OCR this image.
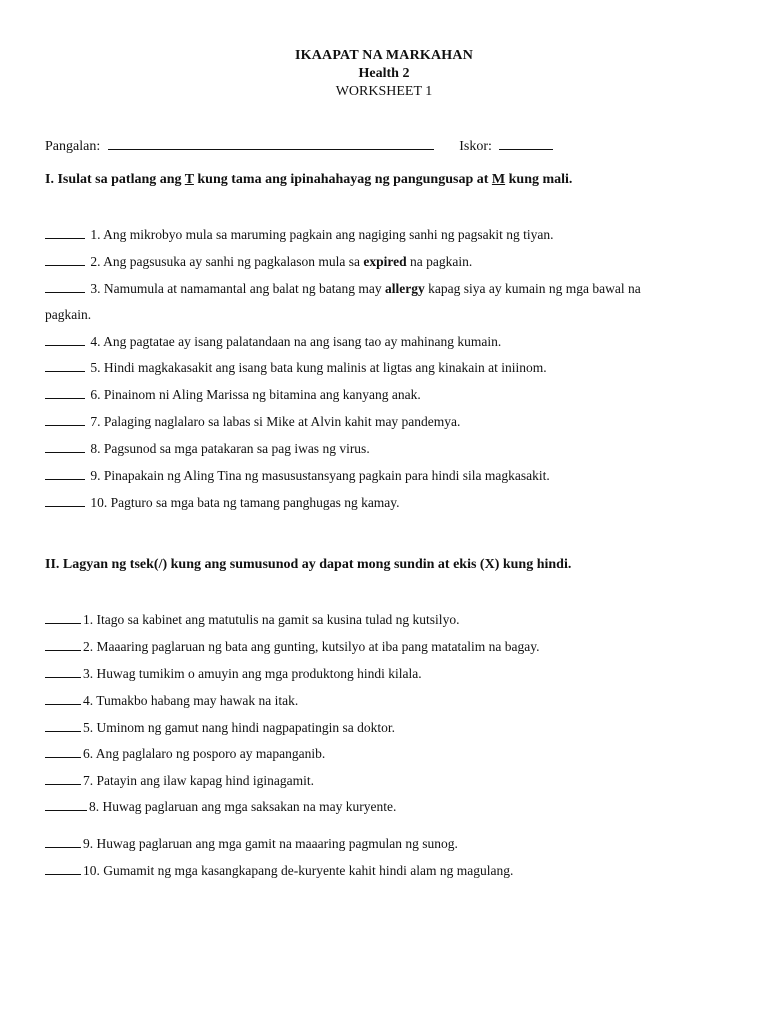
IKAAPAT NA MARKAHAN
Health 2
WORKSHEET 1
Pangalan:	Iskor:
I. Isulat sa patlang ang T kung tama ang ipinahahayag ng pangungusap at M kung mali.
1. Ang mikrobyo mula sa maruming pagkain ang nagiging sanhi ng pagsakit ng tiyan.
2. Ang pagsusuka ay sanhi ng pagkalason mula sa expired na pagkain.
3. Namumula at namamantal ang balat ng batang may allergy kapag siya ay kumain ng mga bawal na
pagkain.
4. Ang pagtatae ay isang palatandaan na ang isang tao ay mahinang kumain.
5. Hindi magkakasakit ang isang bata kung malinis at ligtas ang kinakain at iniinom.
6. Pinainom ni Aling Marissa ng bitamina ang kanyang anak.
7. Palaging naglalaro sa labas si Mike at Alvin kahit may pandemya.
8. Pagsunod sa mga patakaran sa pag iwas ng virus.
9. Pinapakain ng Aling Tina ng masusustansyang pagkain para hindi sila magkasakit.
10. Pagturo sa mga bata ng tamang panghugas ng kamay.
II. Lagyan ng tsek(/) kung ang sumusunod ay dapat mong sundin at ekis (X) kung hindi.
1. Itago sa kabinet ang matutulis na gamit sa kusina tulad ng kutsilyo.
2. Maaaring paglaruan ng bata ang gunting, kutsilyo at iba pang matatalim na bagay.
3. Huwag tumikim o amuyin ang mga produktong hindi kilala.
4. Tumakbo habang may hawak na itak.
5. Uminom ng gamut nang hindi nagpapatingin sa doktor.
6. Ang paglalaro ng posporo ay mapanganib.
7. Patayin ang ilaw kapag hind iginagamit.
8. Huwag paglaruan ang mga saksakan na may kuryente.
9. Huwag paglaruan ang mga gamit na maaaring pagmulan ng sunog.
10. Gumamit ng mga kasangkapang de-kuryente kahit hindi alam ng magulang.
